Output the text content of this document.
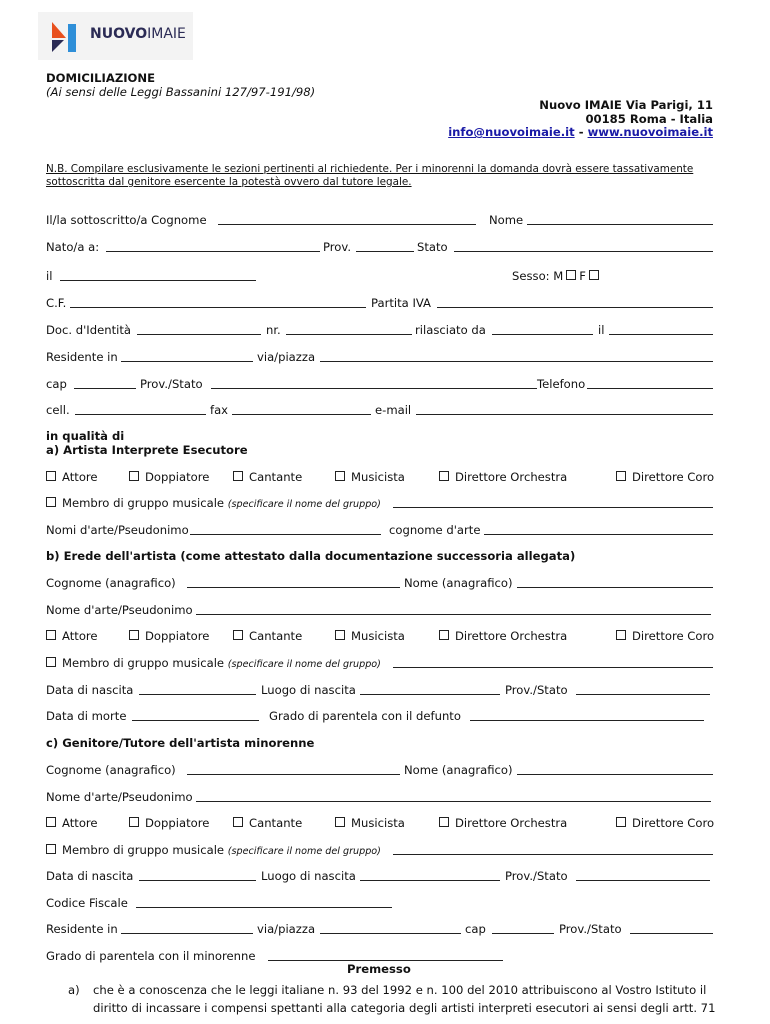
NUOVOIMAIE
DOMICILIAZIONE
(Ai sensi delle Leggi Bassanini 127/97-191/98)
Nuovo IMAIE Via Parigi, 11
00185 Roma - Italia
info@nuovoimaie.it - www.nuovoimaie.it
N.B. Compilare esclusivamente le sezioni pertinenti al richiedente. Per i minorenni la domanda dovrà essere tassativamente
sottoscritta dal genitore esercente la potestà ovvero dal tutore legale.
Il/la sottoscritto/a Cognome	Nome
Nato/a a:	Prov.	Stato
il	Sesso: M F
C.F.	Partita IVA
Doc. d'Identità	nr.	rilasciato da	il
Residente in	via/piazza
cap	Prov./Stato	Telefono
cell.	fax	e-mail
in qualità di
a) Artista Interprete Esecutore
Attore	Doppiatore	Cantante	Musicista	Direttore Orchestra	Direttore Coro
Membro di gruppo musicale (specificare il nome del gruppo)
Nomi d'arte/Pseudonimo	cognome d'arte
b) Erede dell'artista (come attestato dalla documentazione successoria allegata)
Cognome (anagrafico)	Nome (anagrafico)
Nome d'arte/Pseudonimo
Attore	Doppiatore	Cantante	Musicista	Direttore Orchestra	Direttore Coro
Membro di gruppo musicale (specificare il nome del gruppo)
Data di nascita	Luogo di nascita	Prov./Stato
Data di morte	Grado di parentela con il defunto
c) Genitore/Tutore dell'artista minorenne
Cognome (anagrafico)	Nome (anagrafico)
Nome d'arte/Pseudonimo
Attore	Doppiatore	Cantante	Musicista	Direttore Orchestra	Direttore Coro
Membro di gruppo musicale (specificare il nome del gruppo)
Data di nascita	Luogo di nascita	Prov./Stato
Codice Fiscale
Residente in	via/piazza	cap	Prov./Stato
Grado di parentela con il minorenne
Premesso
a) che è a conoscenza che le leggi italiane n. 93 del 1992 e n. 100 del 2010 attribuiscono al Vostro Istituto il
diritto di incassare i compensi spettanti alla categoria degli artisti interpreti esecutori ai sensi degli artt. 71
